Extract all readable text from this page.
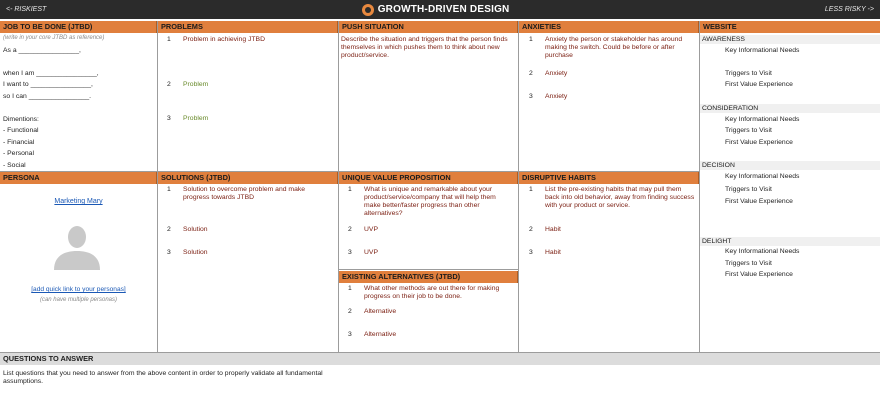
<- RISKIEST	GROWTH-DRIVEN DESIGN	LESS RISKY ->
JOB TO BE DONE (JTBD)
(write in your core JTBD as reference)
As a ________________,
when I am ________________,
I want to ________________,
so I can ________________.
Dimentions:
- Functional
- Financial
- Personal
- Social
PROBLEMS
1 Problem in achieving JTBD
2 Problem
3 Problem
PUSH SITUATION
Describe the situation and triggers that the person finds themselves in which pushes them to think about new product/service.
ANXIETIES
1 Anxiety the person or stakeholder has around making the switch. Could be before or after purchase
2 Anxiety
3 Anxiety
WEBSITE
AWARENESS
Key Informational Needs
Triggers to Visit
First Value Experience
CONSIDERATION
Key Informational Needs
Triggers to Visit
First Value Experience
DECISION
Key Informational Needs
Triggers to Visit
First Value Experience
DELIGHT
Key Informational Needs
Triggers to Visit
First Value Experience
PERSONA
Marketing Mary
[add quick link to your personas]
(can have multiple personas)
SOLUTIONS (JTBD)
1 Solution to overcome problem and make progress towards JTBD
2 Solution
3 Solution
UNIQUE VALUE PROPOSITION
1 What is unique and remarkable about your product/service/company that will help them make better/faster progress than other alternatives?
2 UVP
3 UVP
EXISTING ALTERNATIVES (JTBD)
1 What other methods are out there for making progress on their job to be done.
2 Alternative
3 Alternative
DISRUPTIVE HABITS
1 List the pre-existing habits that may pull them back into old behavior, away from finding success with your product or service.
2 Habit
3 Habit
QUESTIONS TO ANSWER
List questions that you need to answer from the above content in order to properly validate all fundamental assumptions.
